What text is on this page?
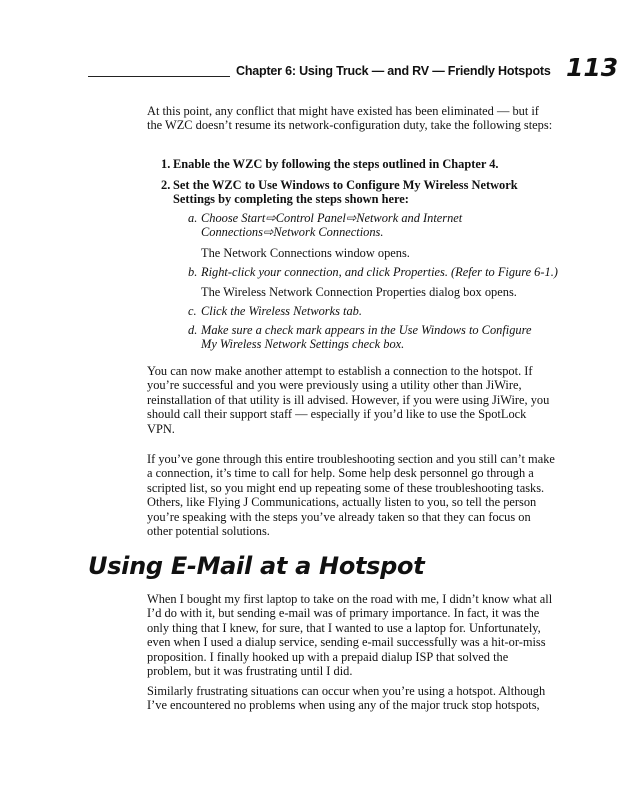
Chapter 6: Using Truck — and RV — Friendly Hotspots 113

At this point, any conflict that might have existed has been eliminated — but if the WZC doesn’t resume its network-configuration duty, take the following steps:

1. Enable the WZC by following the steps outlined in Chapter 4.
2. Set the WZC to Use Windows to Configure My Wireless Network Settings by completing the steps shown here:
a. Choose Start⇨Control Panel⇨Network and Internet Connections⇨Network Connections.
The Network Connections window opens.
b. Right-click your connection, and click Properties. (Refer to Figure 6-1.)
The Wireless Network Connection Properties dialog box opens.
c. Click the Wireless Networks tab.
d. Make sure a check mark appears in the Use Windows to Configure My Wireless Network Settings check box.

You can now make another attempt to establish a connection to the hotspot. If you’re successful and you were previously using a utility other than JiWire, reinstallation of that utility is ill advised. However, if you were using JiWire, you should call their support staff — especially if you’d like to use the SpotLock VPN.

If you’ve gone through this entire troubleshooting section and you still can’t make a connection, it’s time to call for help. Some help desk personnel go through a scripted list, so you might end up repeating some of these troubleshooting tasks. Others, like Flying J Communications, actually listen to you, so tell the person you’re speaking with the steps you’ve already taken so that they can focus on other potential solutions.

Using E-Mail at a Hotspot

When I bought my first laptop to take on the road with me, I didn’t know what all I’d do with it, but sending e-mail was of primary importance. In fact, it was the only thing that I knew, for sure, that I wanted to use a laptop for. Unfortunately, even when I used a dialup service, sending e-mail successfully was a hit-or-miss proposition. I finally hooked up with a prepaid dialup ISP that solved the problem, but it was frustrating until I did.

Similarly frustrating situations can occur when you’re using a hotspot. Although I’ve encountered no problems when using any of the major truck stop hotspots,
